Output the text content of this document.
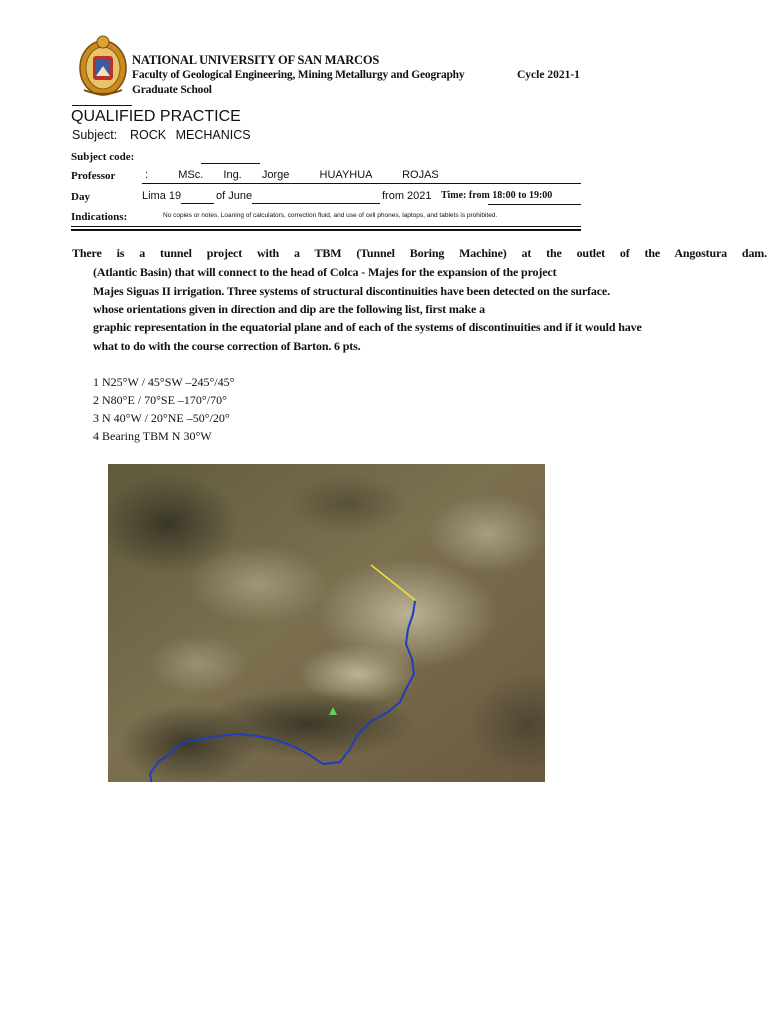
NATIONAL UNIVERSITY OF SAN MARCOS
Faculty of Geological Engineering, Mining Metallurgy and Geography
Graduate School
Cycle 2021-1
QUALIFIED PRACTICE
Subject: ROCK MECHANICS
Subject code:
Professor	:   MSc.  Ing.  Jorge   HUAYHUA   ROJAS
Day	Lima 19	of June	from 2021 Time: from 18:00 to 19:00
Indications:	No copies or notes. Loaning of calculators, correction fluid, and use of cell phones, laptops, and tablets is prohibited.
There is a tunnel project with a TBM (Tunnel Boring Machine) at the outlet of the Angostura dam.
(Atlantic Basin) that will connect to the head of Colca - Majes for the expansion of the project
Majes Siguas II irrigation. Three systems of structural discontinuities have been detected on the surface.
whose orientations given in direction and dip are the following list, first make a
graphic representation in the equatorial plane and of each of the systems of discontinuities and if it would have
what to do with the course correction of Barton. 6 pts.
1 N25°W / 45°SW –245°/45°
2 N80°E / 70°SE –170°/70°
3 N 40°W / 20°NE –50°/20°
4 Bearing TBM N 30°W
